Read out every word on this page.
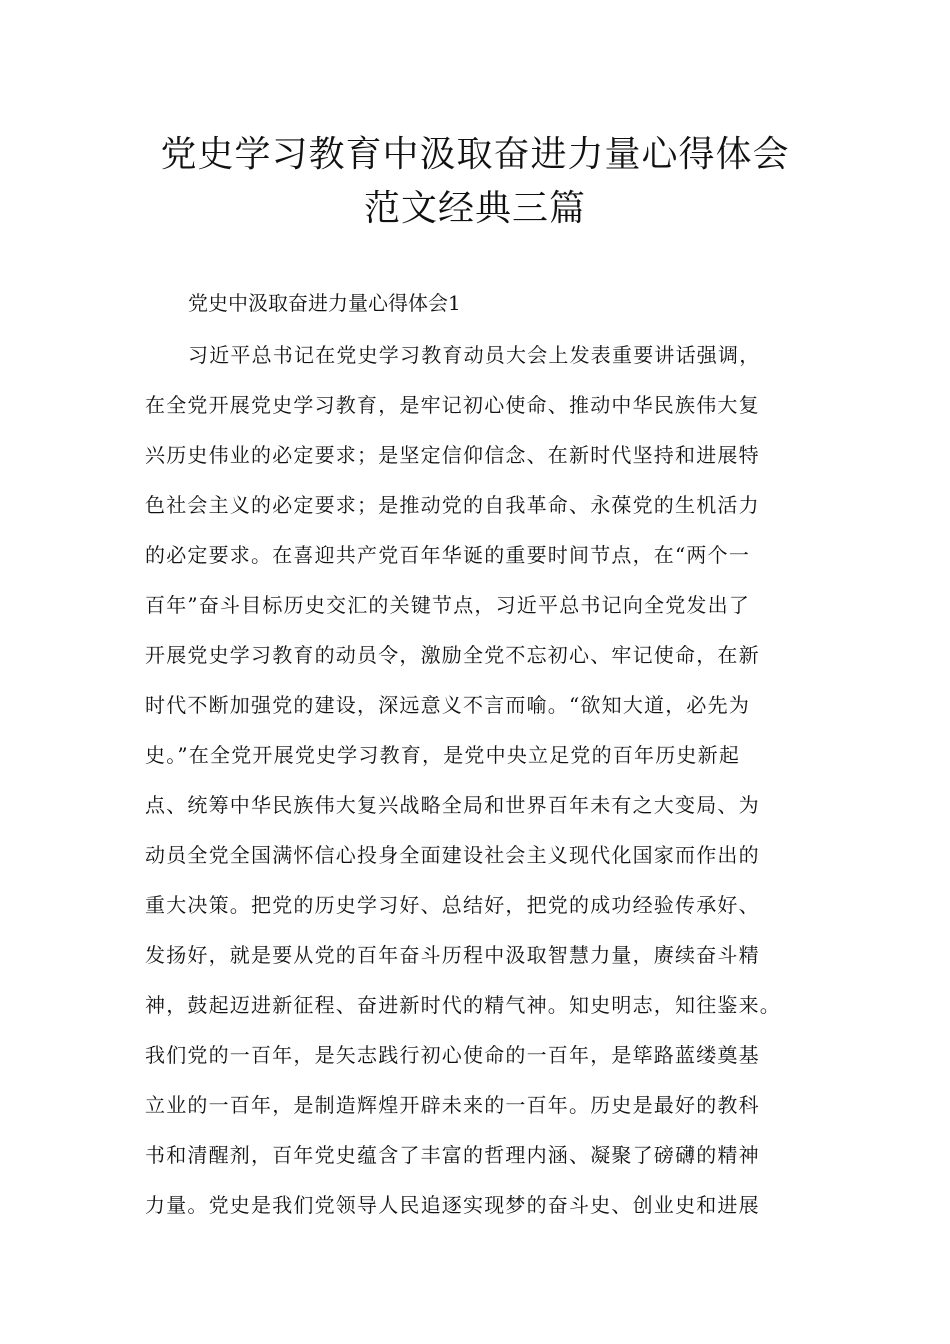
党史学习教育中汲取奋进力量心得体会
范文经典三篇

党史中汲取奋进力量心得体会1

习近平总书记在党史学习教育动员大会上发表重要讲话强调，
在全党开展党史学习教育，是牢记初心使命、推动中华民族伟大复
兴历史伟业的必定要求；是坚定信仰信念、在新时代坚持和进展特
色社会主义的必定要求；是推动党的自我革命、永葆党的生机活力
的必定要求。在喜迎共产党百年华诞的重要时间节点，在“两个一
百年”奋斗目标历史交汇的关键节点，习近平总书记向全党发出了
开展党史学习教育的动员令，激励全党不忘初心、牢记使命，在新
时代不断加强党的建设，深远意义不言而喻。“欲知大道，必先为
史。”在全党开展党史学习教育，是党中央立足党的百年历史新起
点、统筹中华民族伟大复兴战略全局和世界百年未有之大变局、为
动员全党全国满怀信心投身全面建设社会主义现代化国家而作出的
重大决策。把党的历史学习好、总结好，把党的成功经验传承好、
发扬好，就是要从党的百年奋斗历程中汲取智慧力量，赓续奋斗精
神，鼓起迈进新征程、奋进新时代的精气神。知史明志，知往鉴来。
我们党的一百年，是矢志践行初心使命的一百年，是筚路蓝缕奠基
立业的一百年，是制造辉煌开辟未来的一百年。历史是最好的教科
书和清醒剂，百年党史蕴含了丰富的哲理内涵、凝聚了磅礴的精神
力量。党史是我们党领导人民追逐实现梦的奋斗史、创业史和进展
